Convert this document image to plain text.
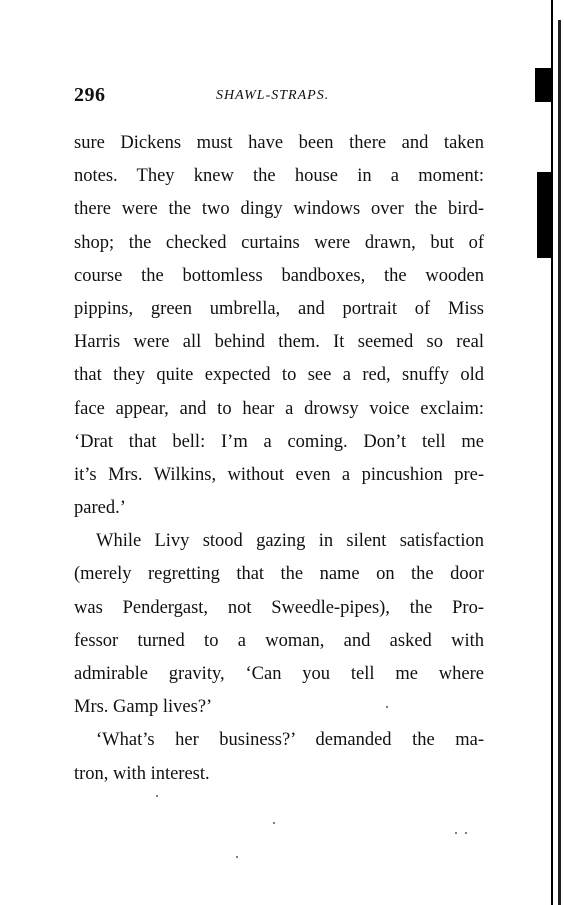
296	SHAWL-STRAPS.
sure Dickens must have been there and taken
notes. They knew the house in a moment:
there were the two dingy windows over the bird-
shop; the checked curtains were drawn, but of
course the bottomless bandboxes, the wooden
pippins, green umbrella, and portrait of Miss
Harris were all behind them. It seemed so real
that they quite expected to see a red, snuffy old
face appear, and to hear a drowsy voice exclaim:
‘Drat that bell: I’m a coming. Don’t tell me
it’s Mrs. Wilkins, without even a pincushion pre-
pared.’
While Livy stood gazing in silent satisfaction
(merely regretting that the name on the door
was Pendergast, not Sweedle-pipes), the Pro-
fessor turned to a woman, and asked with
admirable gravity, ‘Can you tell me where
Mrs. Gamp lives?’
‘What’s her business?’ demanded the ma-
tron, with interest.
